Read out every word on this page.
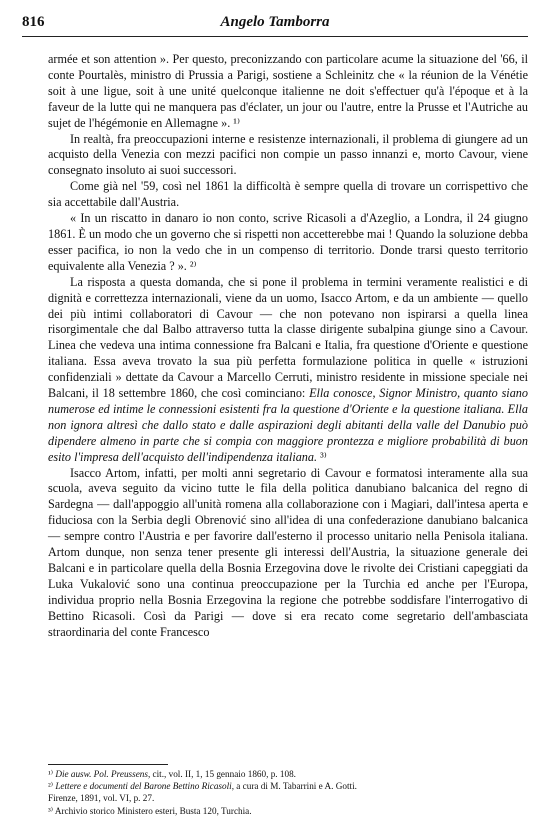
816	Angelo Tamborra

armée et son attention ». Per questo, preconizzando con particolare acume la situazione del '66, il conte Pourtalès, ministro di Prussia a Parigi, sostiene a Schleinitz che « la réunion de la Vénétie soit à une ligue, soit à une unité quelconque italienne ne doit s'effectuer qu'à l'époque et à la faveur de la lutte qui ne manquera pas d'éclater, un jour ou l'autre, entre la Prusse et l'Autriche au sujet de l'hégémonie en Allemagne ». ¹⁾

In realtà, fra preoccupazioni interne e resistenze internazionali, il problema di giungere ad un acquisto della Venezia con mezzi pacifici non compie un passo innanzi e, morto Cavour, viene consegnato insoluto ai suoi successori.

Come già nel '59, così nel 1861 la difficoltà è sempre quella di trovare un corrispettivo che sia accettabile dall'Austria.

« In un riscatto in danaro io non conto, scrive Ricasoli a d'Azeglio, a Londra, il 24 giugno 1861. È un modo che un governo che si rispetti non accetterebbe mai ! Quando la soluzione debba esser pacifica, io non la vedo che in un compenso di territorio. Donde trarsi questo territorio equivalente alla Venezia ? ». ²⁾

La risposta a questa domanda, che si pone il problema in termini veramente realistici e di dignità e correttezza internazionali, viene da un uomo, Isacco Artom, e da un ambiente — quello dei più intimi collaboratori di Cavour — che non potevano non ispirarsi a quella linea risorgimentale che dal Balbo attraverso tutta la classe dirigente subalpina giunge sino a Cavour. Linea che vedeva una intima connessione fra Balcani e Italia, fra questione d'Oriente e questione italiana. Essa aveva trovato la sua più perfetta formulazione politica in quelle « istruzioni confidenziali » dettate da Cavour a Marcello Cerruti, ministro residente in missione speciale nei Balcani, il 18 settembre 1860, che così cominciano: Ella conosce, Signor Ministro, quanto siano numerose ed intime le connessioni esistenti fra la questione d'Oriente e la questione italiana. Ella non ignora altresì che dallo stato e dalle aspirazioni degli abitanti della valle del Danubio può dipendere almeno in parte che si compia con maggiore prontezza e migliore probabilità di buon esito l'impresa dell'acquisto dell'indipendenza italiana. ³⁾

Isacco Artom, infatti, per molti anni segretario di Cavour e formatosi interamente alla sua scuola, aveva seguito da vicino tutte le fila della politica danubiano balcanica del regno di Sardegna — dall'appoggio all'unità romena alla collaborazione con i Magiari, dall'intesa aperta e fiduciosa con la Serbia degli Obrenović sino all'idea di una confederazione danubiano balcanica — sempre contro l'Austria e per favorire dall'esterno il processo unitario nella Penisola italiana. Artom dunque, non senza tener presente gli interessi dell'Austria, la situazione generale dei Balcani e in particolare quella della Bosnia Erzegovina dove le rivolte dei Cristiani capeggiati da Luka Vukalović sono una continua preoccupazione per la Turchia ed anche per l'Europa, individua proprio nella Bosnia Erzegovina la regione che potrebbe soddisfare l'interrogativo di Bettino Ricasoli. Così da Parigi — dove si era recato come segretario dell'ambasciata straordinaria del conte Francesco

¹⁾ Die ausw. Pol. Preussens, cit., vol. II, 1, 15 gennaio 1860, p. 108.

²⁾ Lettere e documenti del Barone Bettino Ricasoli, a cura di M. Tabarrini e A. Gotti.

Firenze, 1891, vol. VI, p. 27.

³⁾ Archivio storico Ministero esteri, Busta 120, Turchia.
